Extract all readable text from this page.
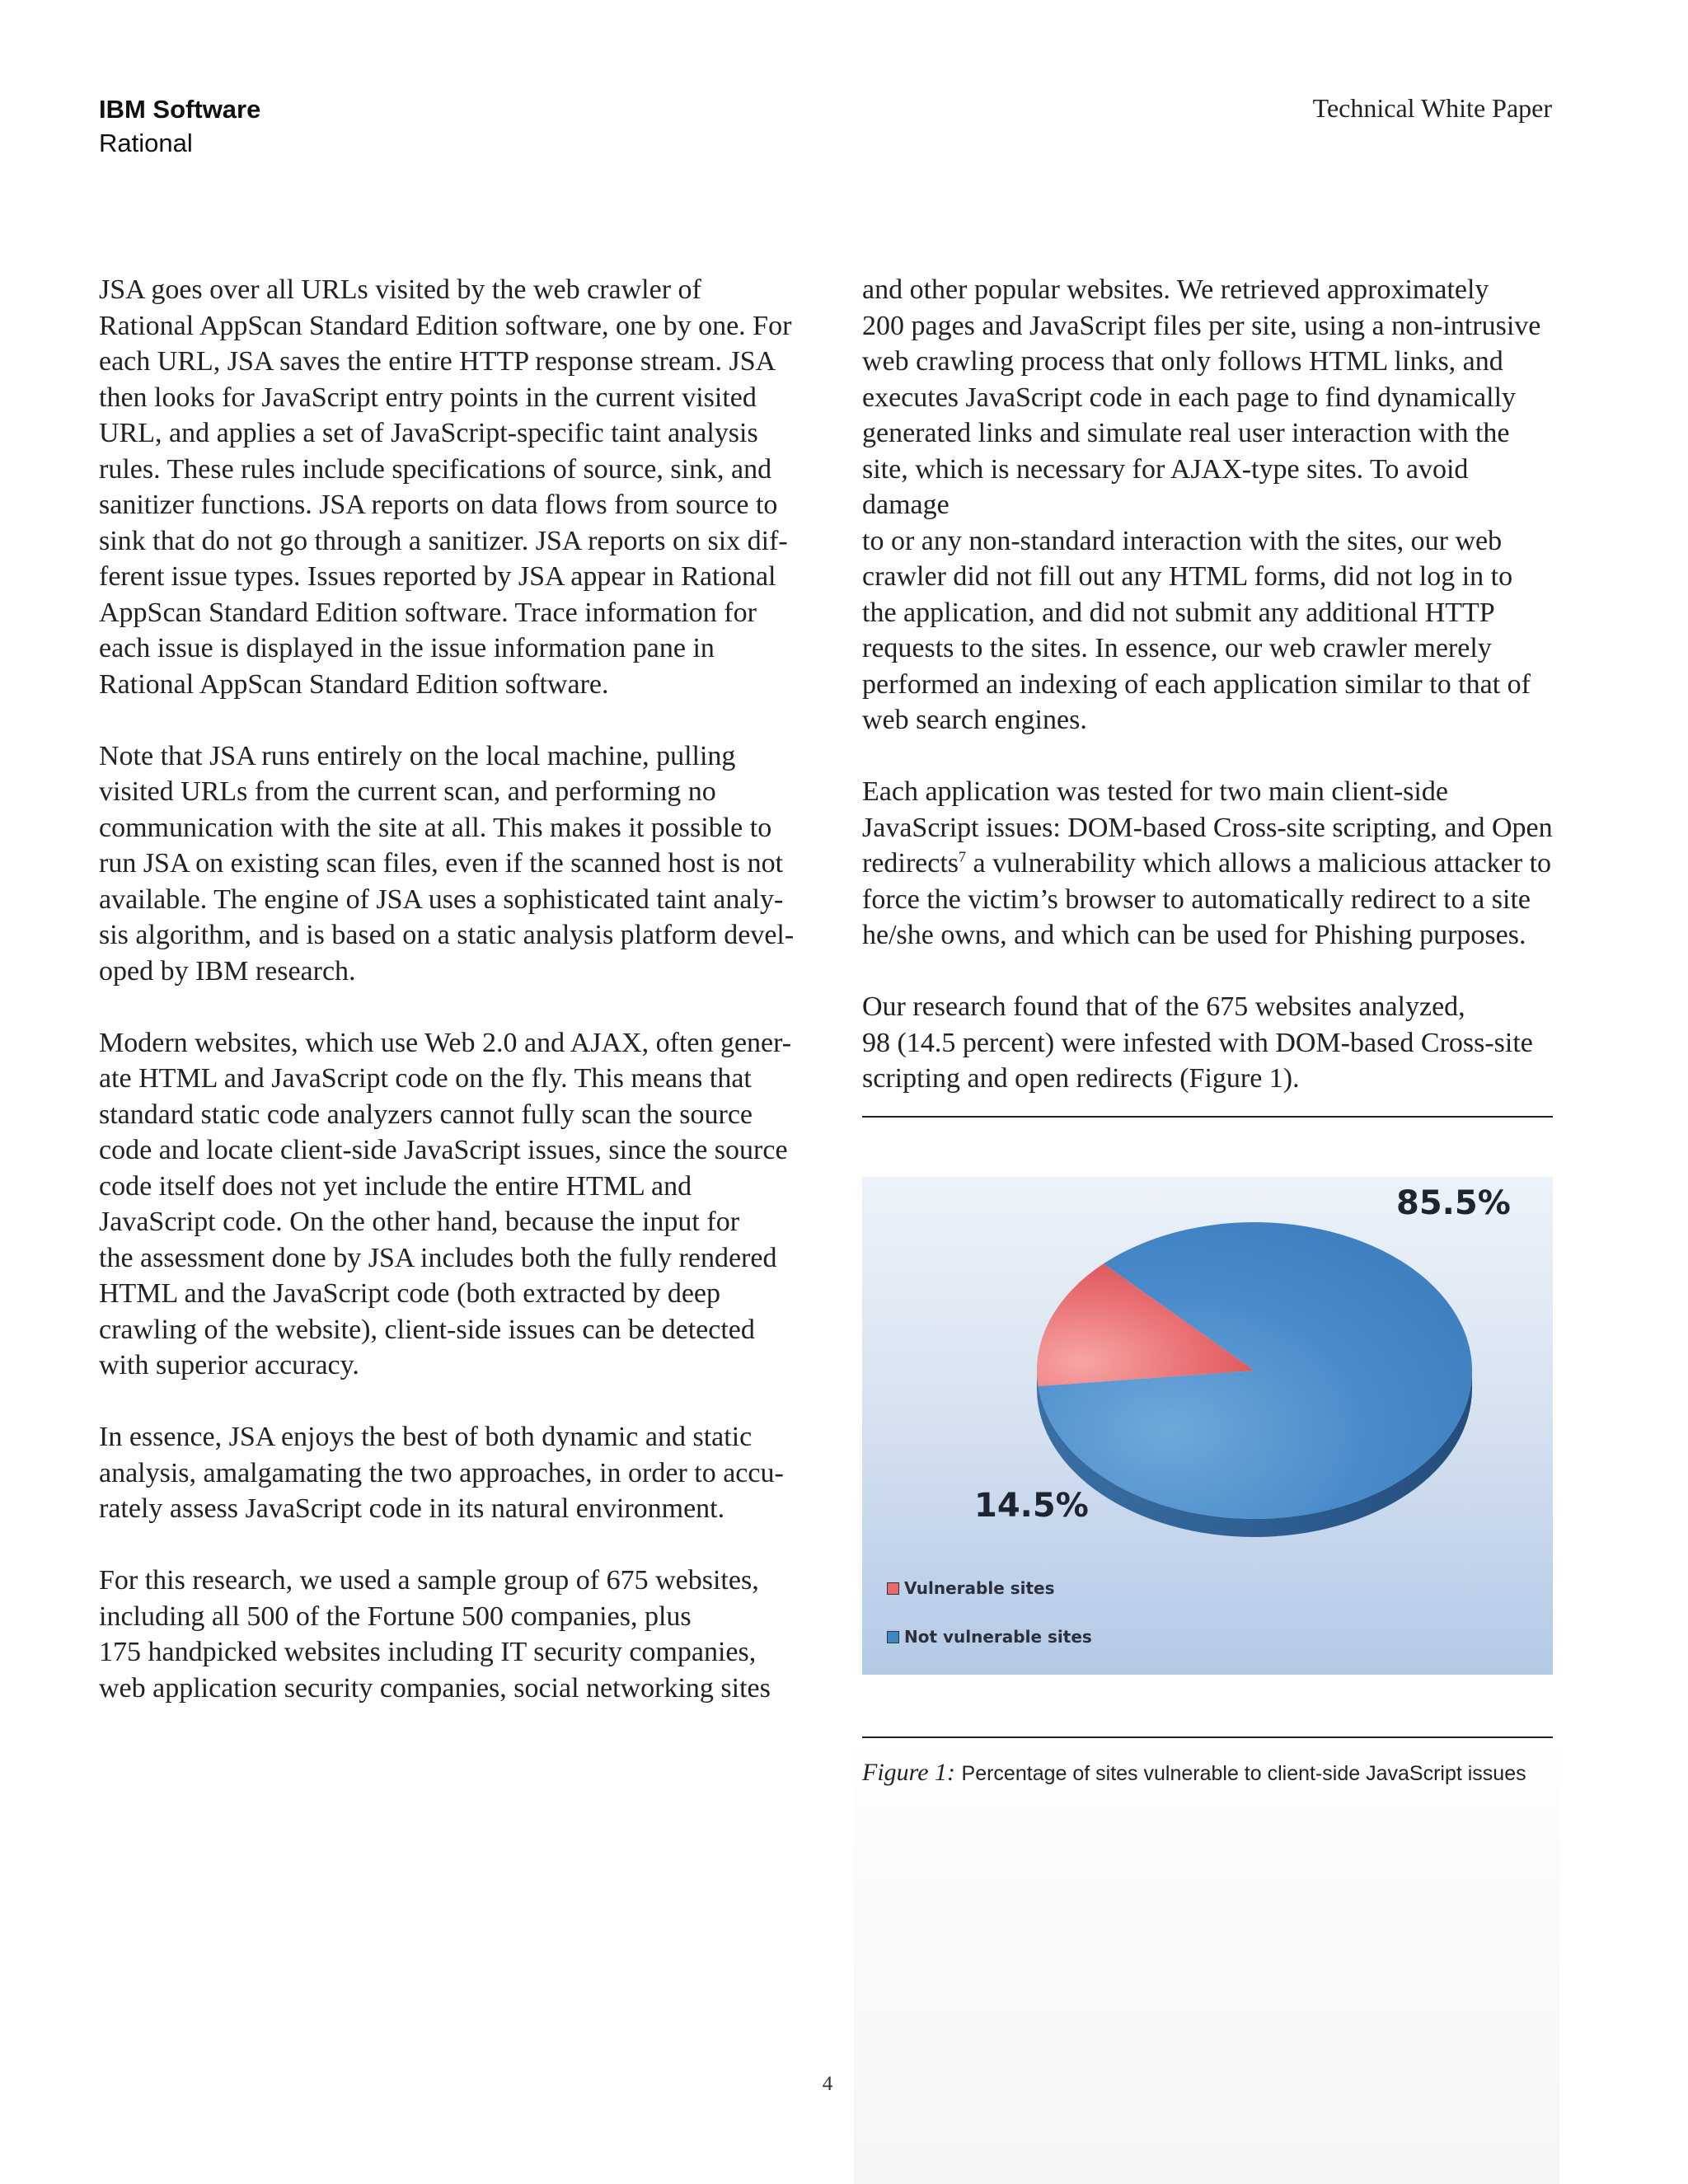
IBM Software
Rational
Technical White Paper

JSA goes over all URLs visited by the web crawler of
Rational AppScan Standard Edition software, one by one. For
each URL, JSA saves the entire HTTP response stream. JSA
then looks for JavaScript entry points in the current visited
URL, and applies a set of JavaScript-specific taint analysis
rules. These rules include specifications of source, sink, and
sanitizer functions. JSA reports on data flows from source to
sink that do not go through a sanitizer. JSA reports on six dif-
ferent issue types. Issues reported by JSA appear in Rational
AppScan Standard Edition software. Trace information for
each issue is displayed in the issue information pane in
Rational AppScan Standard Edition software.

Note that JSA runs entirely on the local machine, pulling
visited URLs from the current scan, and performing no
communication with the site at all. This makes it possible to
run JSA on existing scan files, even if the scanned host is not
available. The engine of JSA uses a sophisticated taint analy-
sis algorithm, and is based on a static analysis platform devel-
oped by IBM research.

Modern websites, which use Web 2.0 and AJAX, often gener-
ate HTML and JavaScript code on the fly. This means that
standard static code analyzers cannot fully scan the source
code and locate client-side JavaScript issues, since the source
code itself does not yet include the entire HTML and
JavaScript code. On the other hand, because the input for
the assessment done by JSA includes both the fully rendered
HTML and the JavaScript code (both extracted by deep
crawling of the website), client-side issues can be detected
with superior accuracy.

In essence, JSA enjoys the best of both dynamic and static
analysis, amalgamating the two approaches, in order to accu-
rately assess JavaScript code in its natural environment.

For this research, we used a sample group of 675 websites,
including all 500 of the Fortune 500 companies, plus
175 handpicked websites including IT security companies,
web application security companies, social networking sites

and other popular websites. We retrieved approximately
200 pages and JavaScript files per site, using a non-intrusive
web crawling process that only follows HTML links, and
executes JavaScript code in each page to find dynamically
generated links and simulate real user interaction with the
site, which is necessary for AJAX-type sites. To avoid damage
to or any non-standard interaction with the sites, our web
crawler did not fill out any HTML forms, did not log in to
the application, and did not submit any additional HTTP
requests to the sites. In essence, our web crawler merely
performed an indexing of each application similar to that of
web search engines.

Each application was tested for two main client-side
JavaScript issues: DOM-based Cross-site scripting, and Open
redirects$^7$ a vulnerability which allows a malicious attacker to
force the victim’s browser to automatically redirect to a site
he/she owns, and which can be used for Phishing purposes.

Our research found that of the 675 websites analyzed,
98 (14.5 percent) were infested with DOM-based Cross-site
scripting and open redirects (Figure 1).

14.5%
85.5%
Vulnerable sites
Not vulnerable sites
Figure 1: Percentage of sites vulnerable to client-side JavaScript issues
4
